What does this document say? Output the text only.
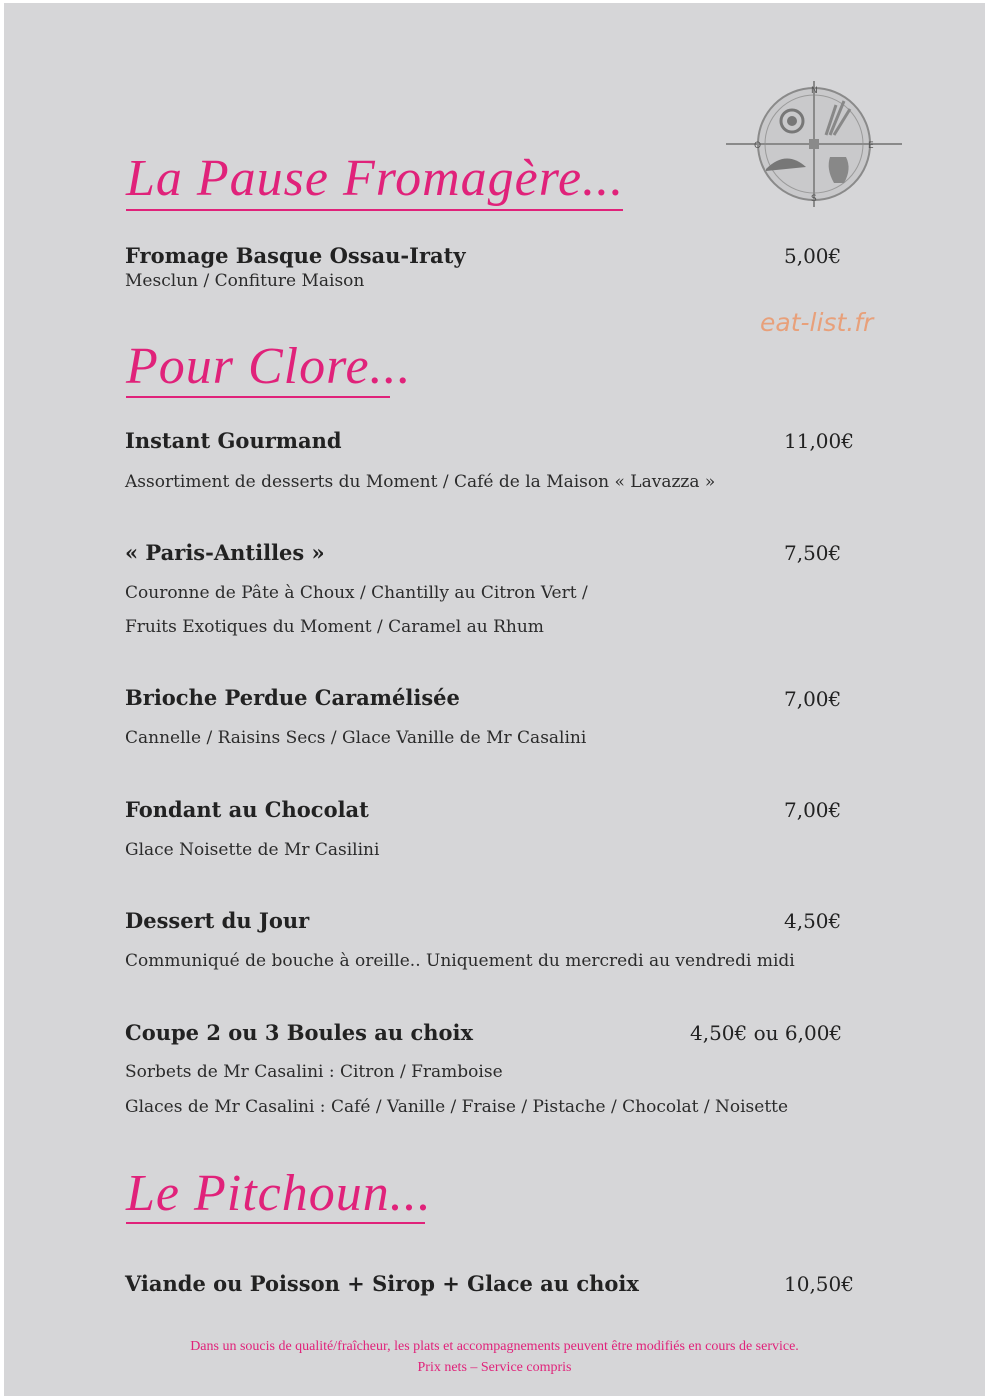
N
S
E
O
eat-list.fr
La Pause Fromagère...
Fromage Basque Ossau-Iraty	5,00€
Mesclun / Confiture Maison
Pour Clore...
Instant Gourmand	11,00€
Assortiment de desserts du Moment / Café de la Maison « Lavazza »
« Paris-Antilles »	7,50€
Couronne de Pâte à Choux / Chantilly au Citron Vert /
Fruits Exotiques du Moment / Caramel au Rhum
Brioche Perdue Caramélisée	7,00€
Cannelle / Raisins Secs / Glace Vanille de Mr Casalini
Fondant au Chocolat	7,00€
Glace Noisette de Mr Casilini
Dessert du Jour	4,50€
Communiqué de bouche à oreille.. Uniquement du mercredi au vendredi midi
Coupe 2 ou 3 Boules au choix	4,50€ ou 6,00€
Sorbets de Mr Casalini : Citron / Framboise
Glaces de Mr Casalini : Café / Vanille / Fraise / Pistache / Chocolat / Noisette
Le Pitchoun...
Viande ou Poisson + Sirop + Glace au choix	10,50€
Dans un soucis de qualité/fraîcheur, les plats et accompagnements peuvent être modifiés en cours de service.
Prix nets – Service compris
